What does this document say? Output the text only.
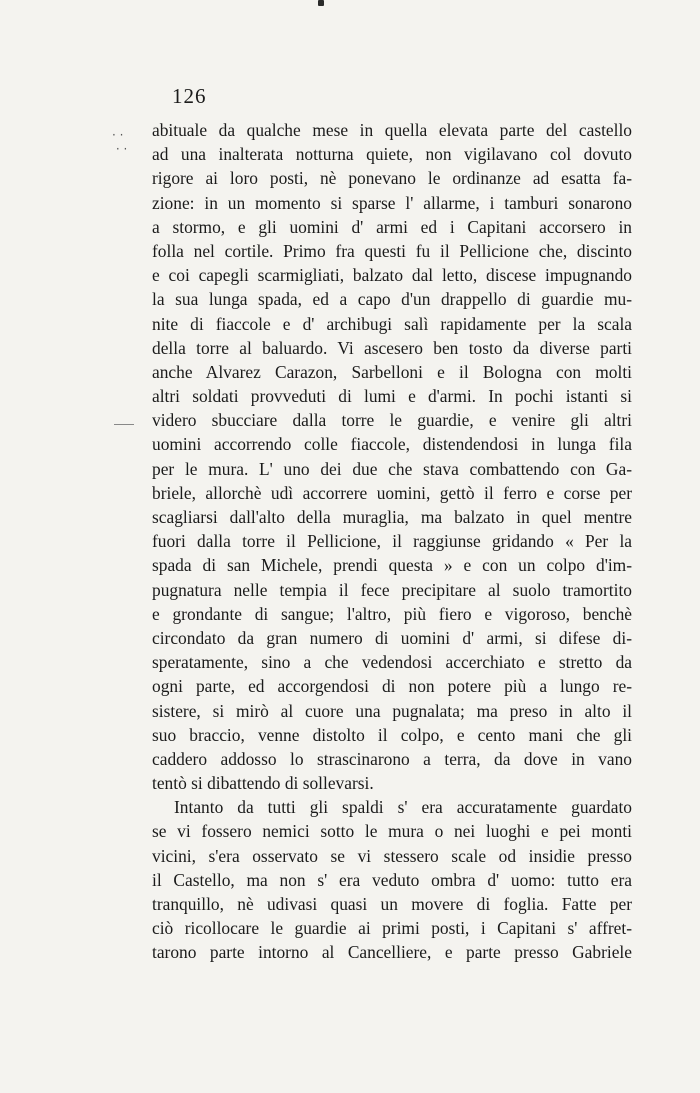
· ·
· ·
126
abituale da qualche mese in quella elevata parte del castello
ad una inalterata notturna quiete, non vigilavano col dovuto
rigore ai loro posti, nè ponevano le ordinanze ad esatta fa-
zione: in un momento si sparse l' allarme, i tamburi sonarono
a stormo, e gli uomini d' armi ed i Capitani accorsero in
folla nel cortile. Primo fra questi fu il Pellicione che, discinto
e coi capegli scarmigliati, balzato dal letto, discese impugnando
la sua lunga spada, ed a capo d'un drappello di guardie mu-
nite di fiaccole e d' archibugi salì rapidamente per la scala
della torre al baluardo. Vi ascesero ben tosto da diverse parti
anche Alvarez Carazon, Sarbelloni e il Bologna con molti
altri soldati provveduti di lumi e d'armi. In pochi istanti si
videro sbucciare dalla torre le guardie, e venire gli altri
uomini accorrendo colle fiaccole, distendendosi in lunga fila
per le mura. L' uno dei due che stava combattendo con Ga-
briele, allorchè udì accorrere uomini, gettò il ferro e corse per
scagliarsi dall'alto della muraglia, ma balzato in quel mentre
fuori dalla torre il Pellicione, il raggiunse gridando « Per la
spada di san Michele, prendi questa » e con un colpo d'im-
pugnatura nelle tempia il fece precipitare al suolo tramortito
e grondante di sangue; l'altro, più fiero e vigoroso, benchè
circondato da gran numero di uomini d' armi, si difese di-
speratamente, sino a che vedendosi accerchiato e stretto da
ogni parte, ed accorgendosi di non potere più a lungo re-
sistere, si mirò al cuore una pugnalata; ma preso in alto il
suo braccio, venne distolto il colpo, e cento mani che gli
caddero addosso lo strascinarono a terra, da dove in vano
tentò si dibattendo di sollevarsi.
Intanto da tutti gli spaldi s' era accuratamente guardato
se vi fossero nemici sotto le mura o nei luoghi e pei monti
vicini, s'era osservato se vi stessero scale od insidie presso
il Castello, ma non s' era veduto ombra d' uomo: tutto era
tranquillo, nè udivasi quasi un movere di foglia. Fatte per
ciò ricollocare le guardie ai primi posti, i Capitani s' affret-
tarono parte intorno al Cancelliere, e parte presso Gabriele
